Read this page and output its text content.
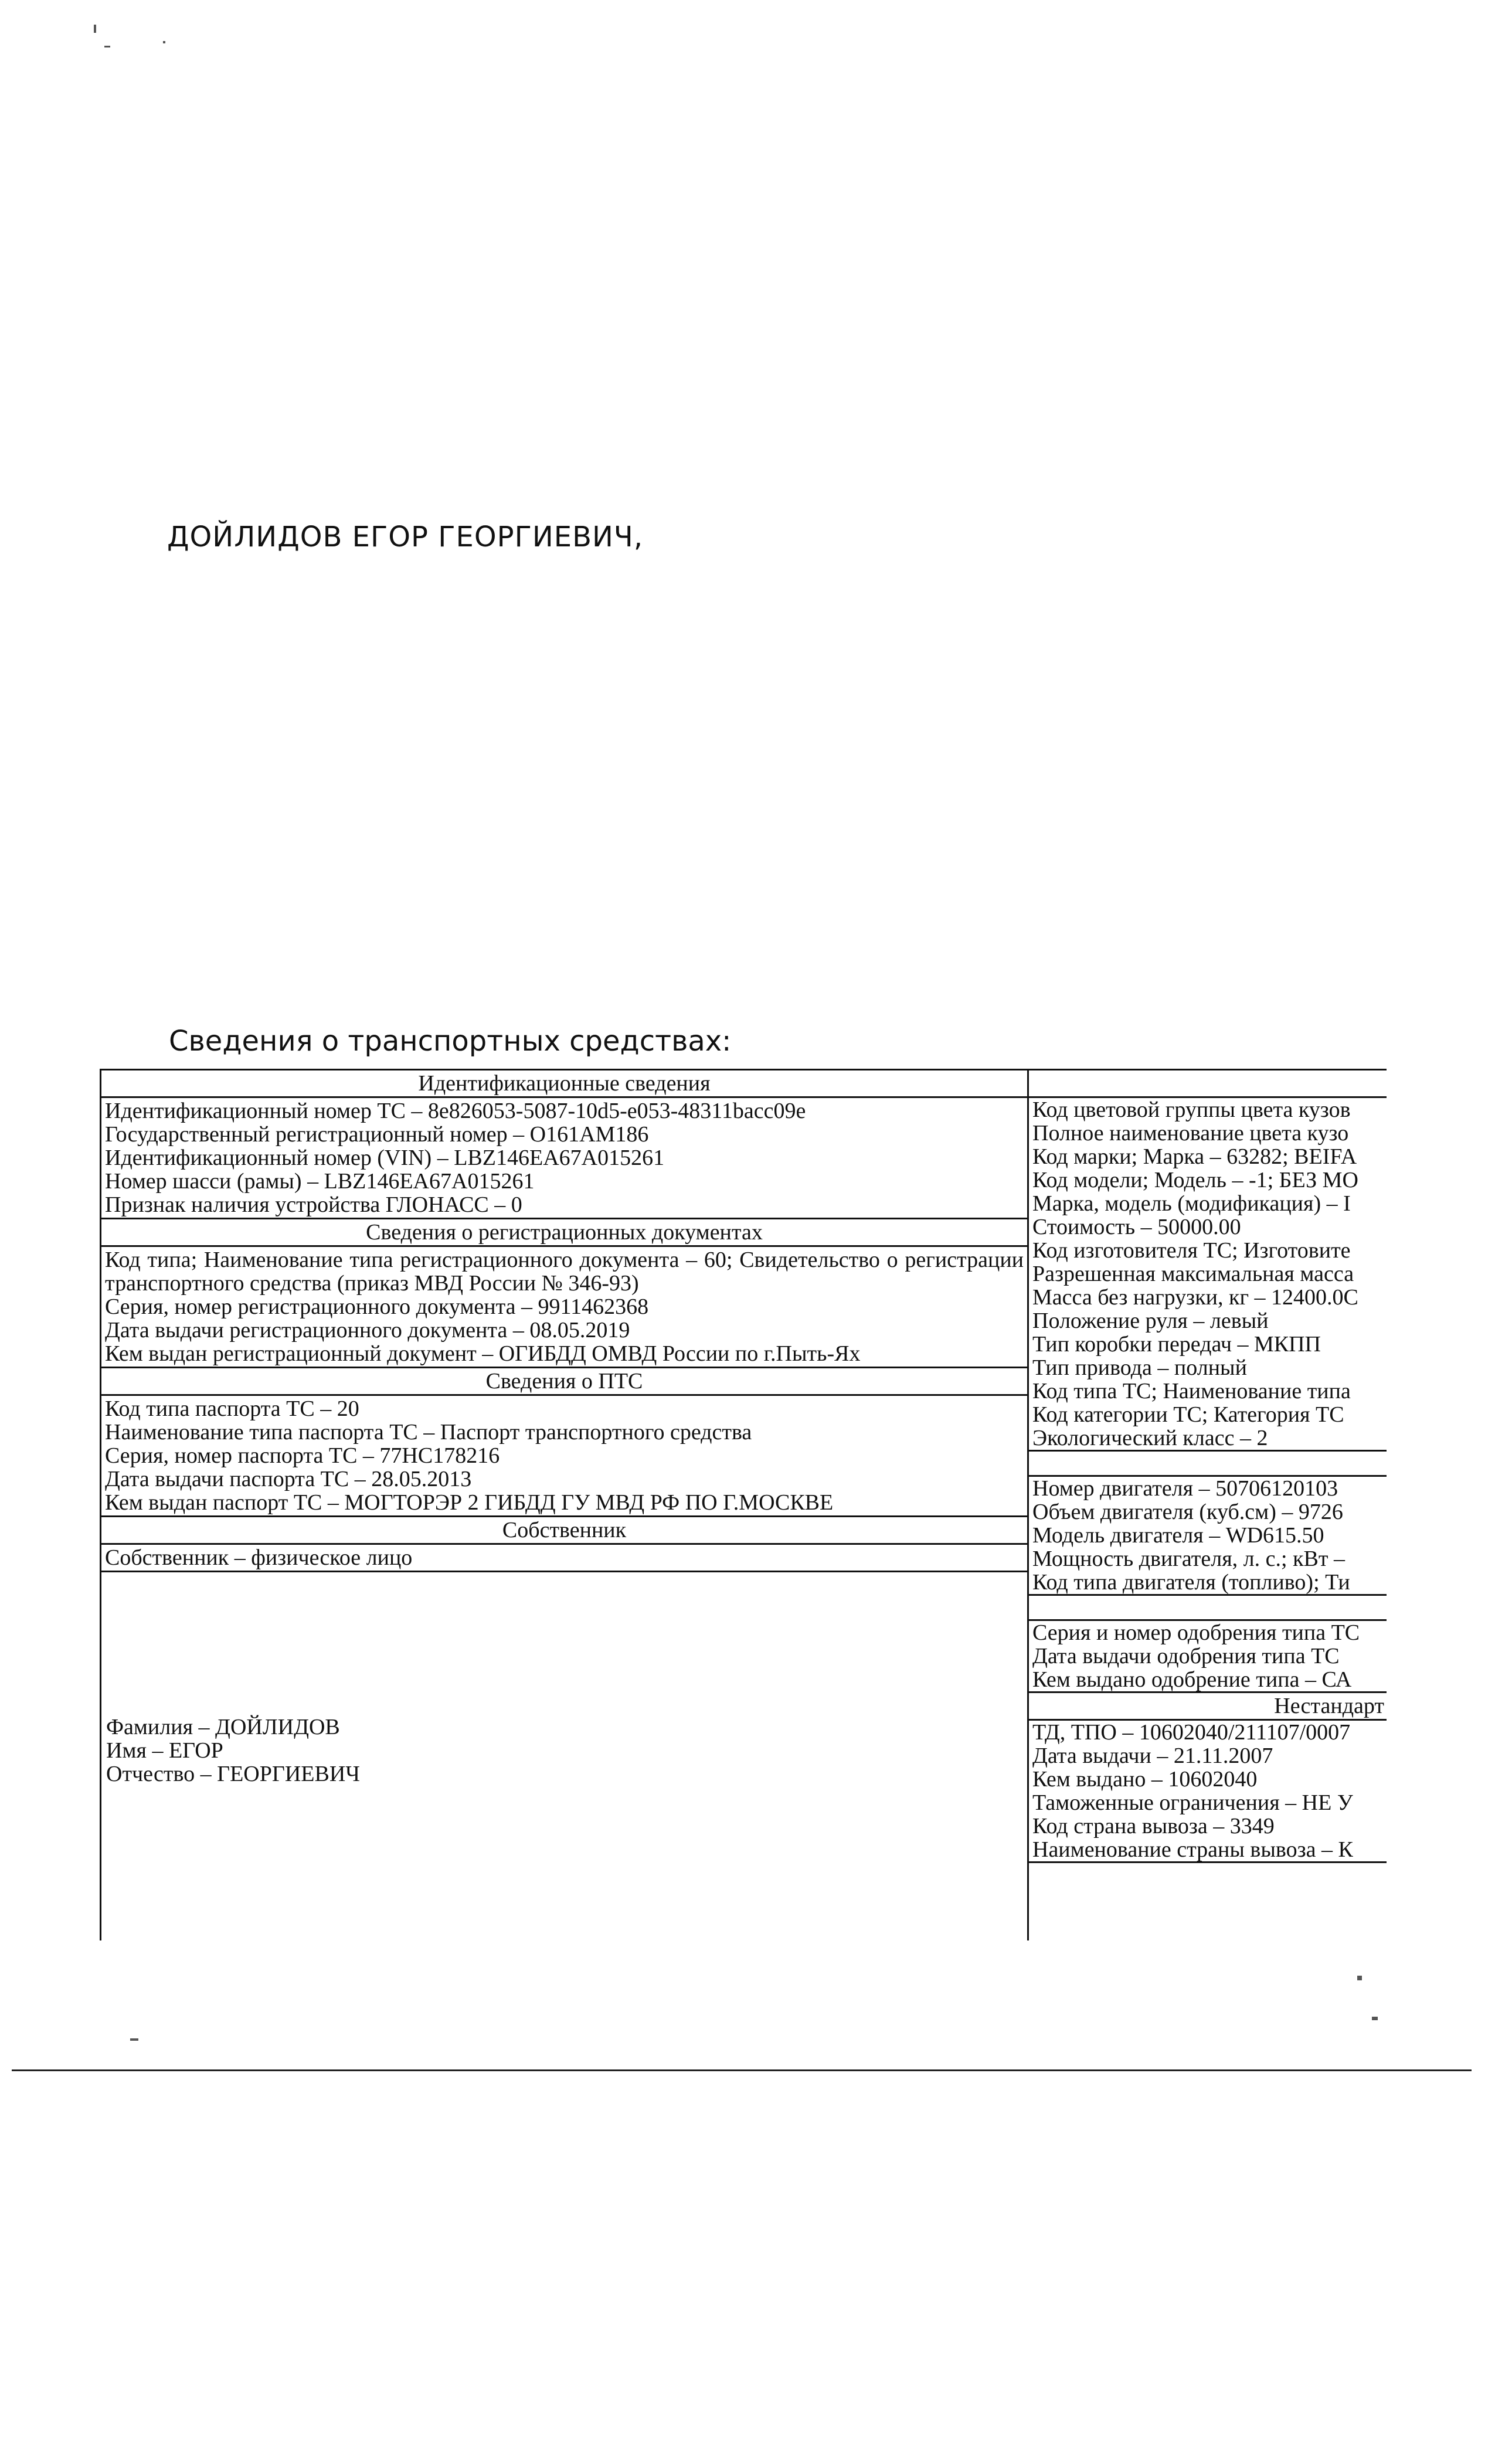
ДОЙЛИДОВ ЕГОР ГЕОРГИЕВИЧ,
Сведения о транспортных средствах:
Идентификационные сведения
Идентификационный номер ТС – 8e826053-5087-10d5-e053-48311bacc09e
Государственный регистрационный номер – О161АМ186
Идентификационный номер (VIN) – LBZ146EA67A015261
Номер шасси (рамы) – LBZ146EA67A015261
Признак наличия устройства ГЛОНАСС – 0
Сведения о регистрационных документах
Код типа; Наименование типа регистрационного документа – 60; Свидетельство о регистрации транспортного средства (приказ МВД России № 346-93)
Серия, номер регистрационного документа – 9911462368
Дата выдачи регистрационного документа – 08.05.2019
Кем выдан регистрационный документ – ОГИБДД ОМВД России по г.Пыть-Ях
Сведения о ПТС
Код типа паспорта ТС – 20
Наименование типа паспорта ТС – Паспорт транспортного средства
Серия, номер паспорта ТС – 77НС178216
Дата выдачи паспорта ТС – 28.05.2013
Кем выдан паспорт ТС – МОГТОРЭР 2 ГИБДД ГУ МВД РФ ПО Г.МОСКВЕ
Собственник
Собственник – физическое лицо
Фамилия – ДОЙЛИДОВ
Имя – ЕГОР
Отчество – ГЕОРГИЕВИЧ
Код цветовой группы цвета кузов
Полное наименование цвета кузо
Код марки; Марка – 63282; BEIFA
Код модели; Модель – -1; БЕЗ МО
Марка, модель (модификация) – I
Стоимость – 50000.00
Код изготовителя ТС; Изготовите
Разрешенная максимальная масса
Масса без нагрузки, кг – 12400.0С
Положение руля – левый
Тип коробки передач – МКПП
Тип привода – полный
Код типа ТС; Наименование типа
Код категории ТС; Категория ТС
Экологический класс – 2
Номер двигателя – 50706120103
Объем двигателя (куб.см) – 9726
Модель двигателя – WD615.50
Мощность двигателя, л. с.; кВт –
Код типа двигателя (топливо); Ти
Серия и номер одобрения типа ТС
Дата выдачи одобрения типа ТС
Кем выдано одобрение типа – СА
Нестандарт
ТД, ТПО – 10602040/211107/0007
Дата выдачи – 21.11.2007
Кем выдано – 10602040
Таможенные ограничения – НЕ У
Код страна вывоза – 3349
Наименование страны вывоза – К
